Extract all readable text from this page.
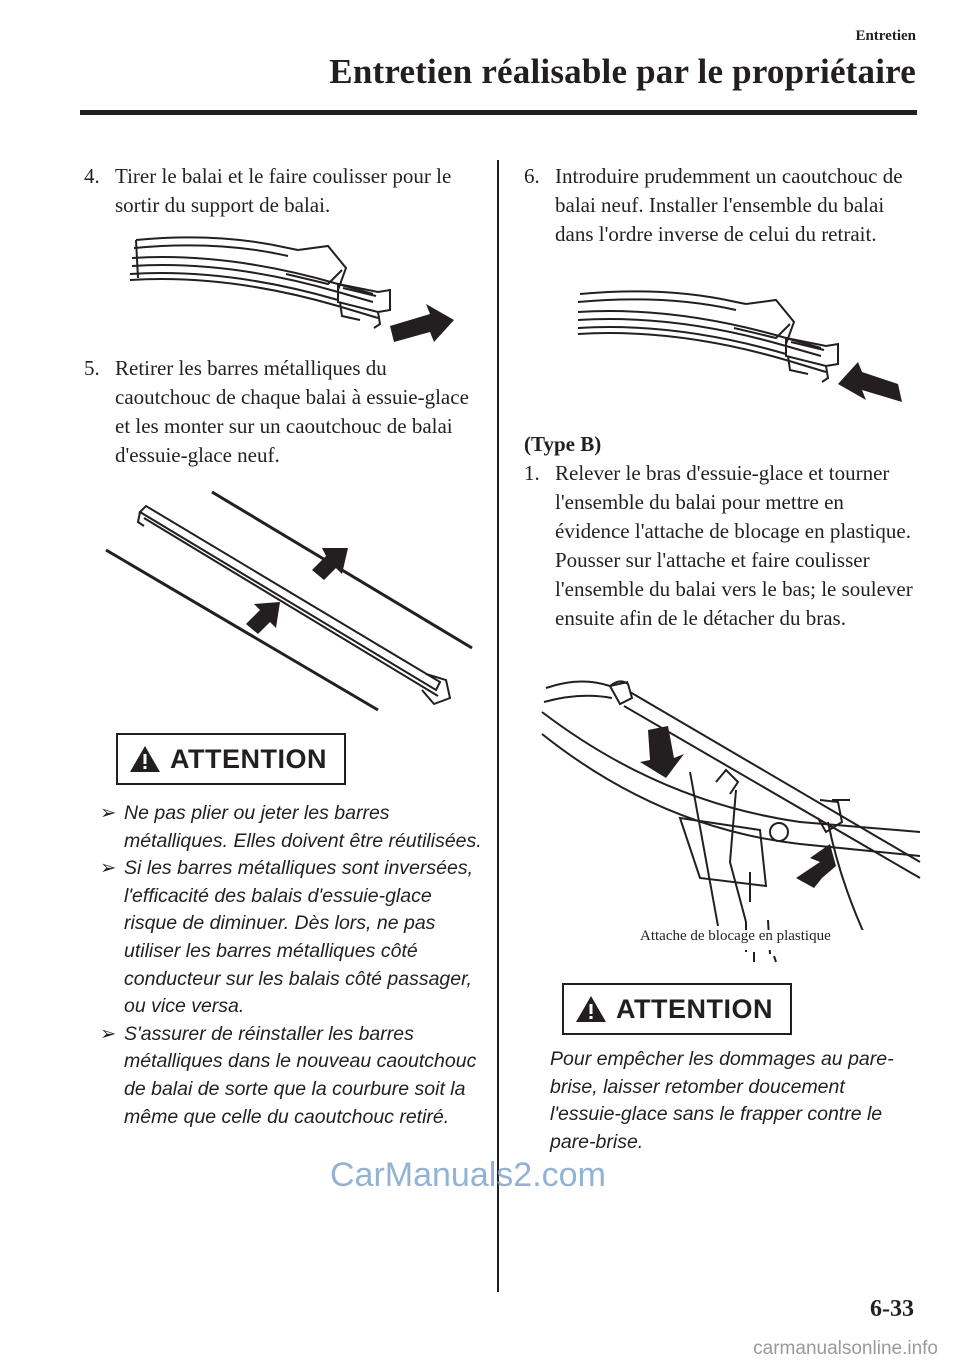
Entretien
Entretien réalisable par le propriétaire
4. Tirer le balai et le faire coulisser pour le sortir du support de balai.
5. Retirer les barres métalliques du caoutchouc de chaque balai à essuie-glace et les monter sur un caoutchouc de balai d'essuie-glace neuf.
ATTENTION
➢ Ne pas plier ou jeter les barres métalliques. Elles doivent être réutilisées.
➢ Si les barres métalliques sont inversées, l'efficacité des balais d'essuie-glace risque de diminuer. Dès lors, ne pas utiliser les barres métalliques côté conducteur sur les balais côté passager, ou vice versa.
➢ S'assurer de réinstaller les barres métalliques dans le nouveau caoutchouc de balai de sorte que la courbure soit la même que celle du caoutchouc retiré.
6. Introduire prudemment un caoutchouc de balai neuf. Installer l'ensemble du balai dans l'ordre inverse de celui du retrait.
(Type B)
1. Relever le bras d'essuie-glace et tourner l'ensemble du balai pour mettre en évidence l'attache de blocage en plastique.
Pousser sur l'attache et faire coulisser l'ensemble du balai vers le bas; le soulever ensuite afin de le détacher du bras.
Attache de blocage en plastique
ATTENTION
Pour empêcher les dommages au pare-brise, laisser retomber doucement l'essuie-glace sans le frapper contre le pare-brise.
6-33
CarManuals2.com
carmanualsonline.info
